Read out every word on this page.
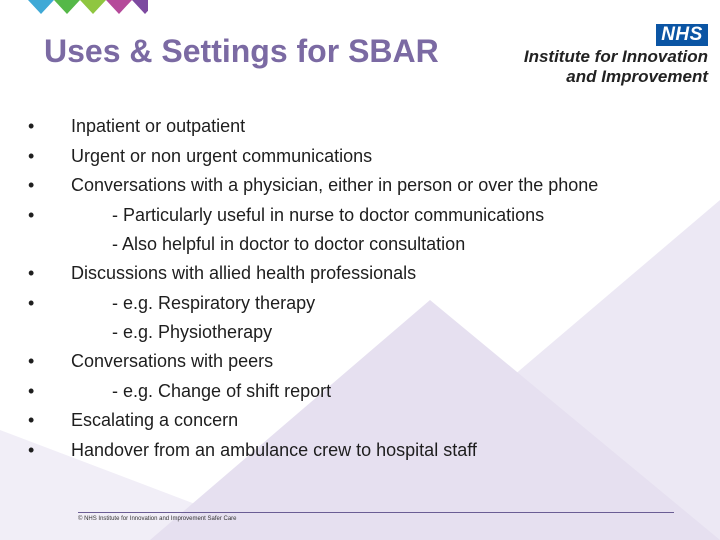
Uses & Settings for SBAR	NHS
Institute for Innovation
and Improvement
• Inpatient or outpatient
• Urgent or non urgent communications
• Conversations with a physician, either in person or over the phone
•	- Particularly useful in nurse to doctor communications
- Also helpful in doctor to doctor consultation
• Discussions with allied health professionals
•	- e.g. Respiratory therapy
- e.g. Physiotherapy
• Conversations with peers
•	- e.g. Change of shift report
• Escalating a concern
• Handover from an ambulance crew to hospital staff
© NHS Institute for Innovation and Improvement Safer Care
